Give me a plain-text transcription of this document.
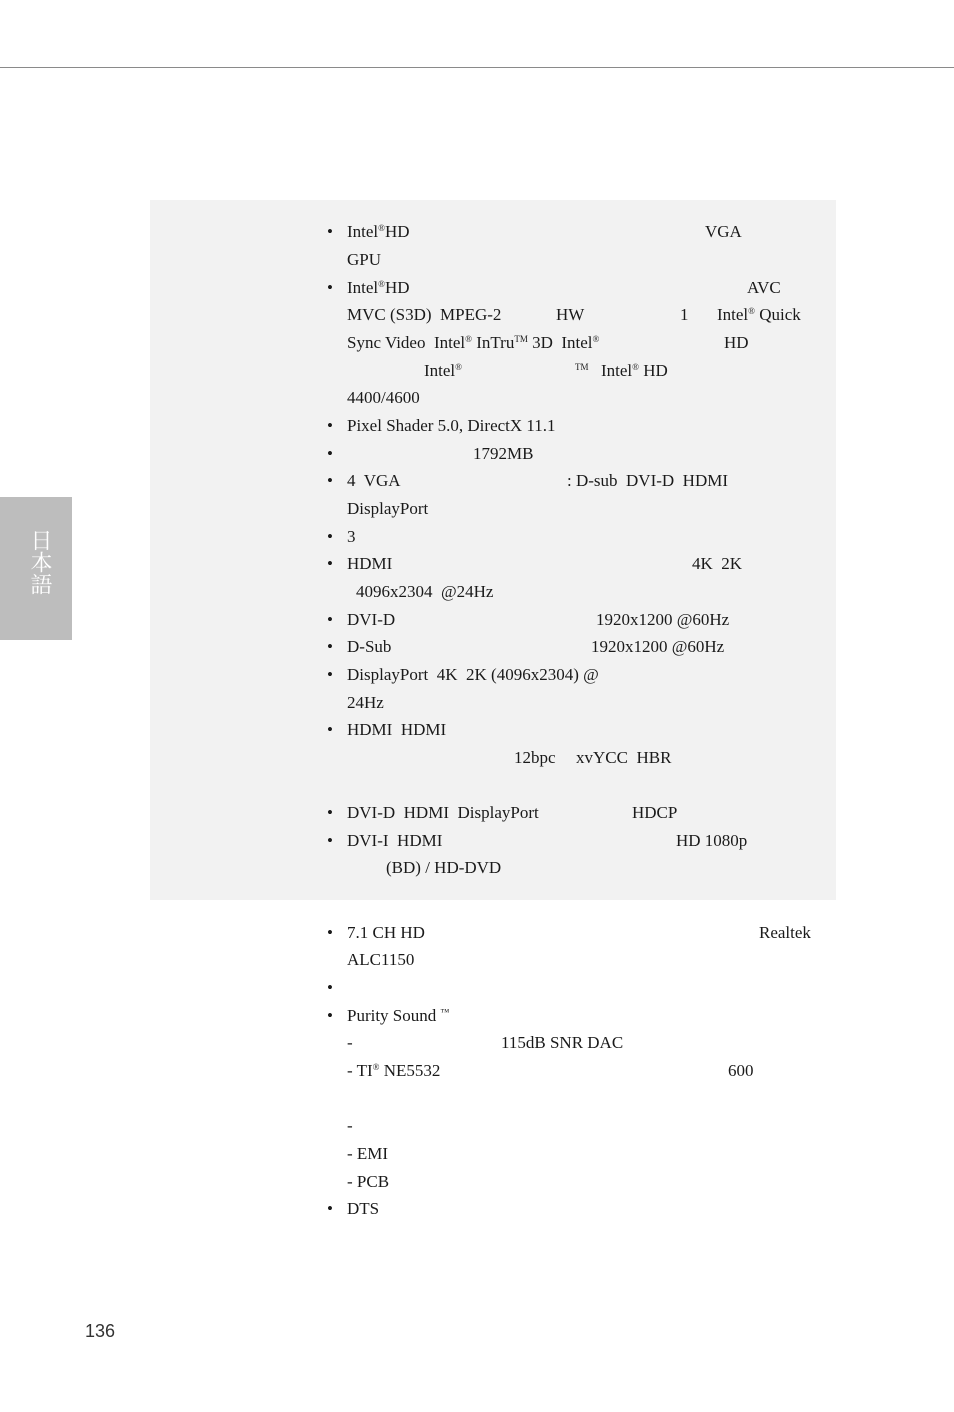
日本語
• Intel®HD	VGA
GPU
• Intel®HD	AVC
MVC (S3D)  MPEG-2	HW	1 Intel® Quick
Sync Video  Intel® InTru™ 3D  Intel®	HD
Intel®	™ Intel® HD
4400/4600
• Pixel Shader 5.0, DirectX 11.1
•	1792MB
• 4  VGA	: D-sub  DVI-D  HDMI
DisplayPort
• 3
• HDMI	4K  2K
4096x2304  @24Hz
• DVI-D	1920x1200 @60Hz
• D-Sub	1920x1200 @60Hz
• DisplayPort  4K  2K (4096x2304) @
24Hz
• HDMI  HDMI
12bpc xvYCC  HBR
• DVI-D  HDMI  DisplayPort	HDCP
• DVI-I  HDMI	HD 1080p
(BD) / HD-DVD
• 7.1 CH HD	Realtek
ALC1150
•
• Purity Sound ™
-	115dB SNR DAC
- TI® NE5532	600
-
- EMI
- PCB
• DTS
136
